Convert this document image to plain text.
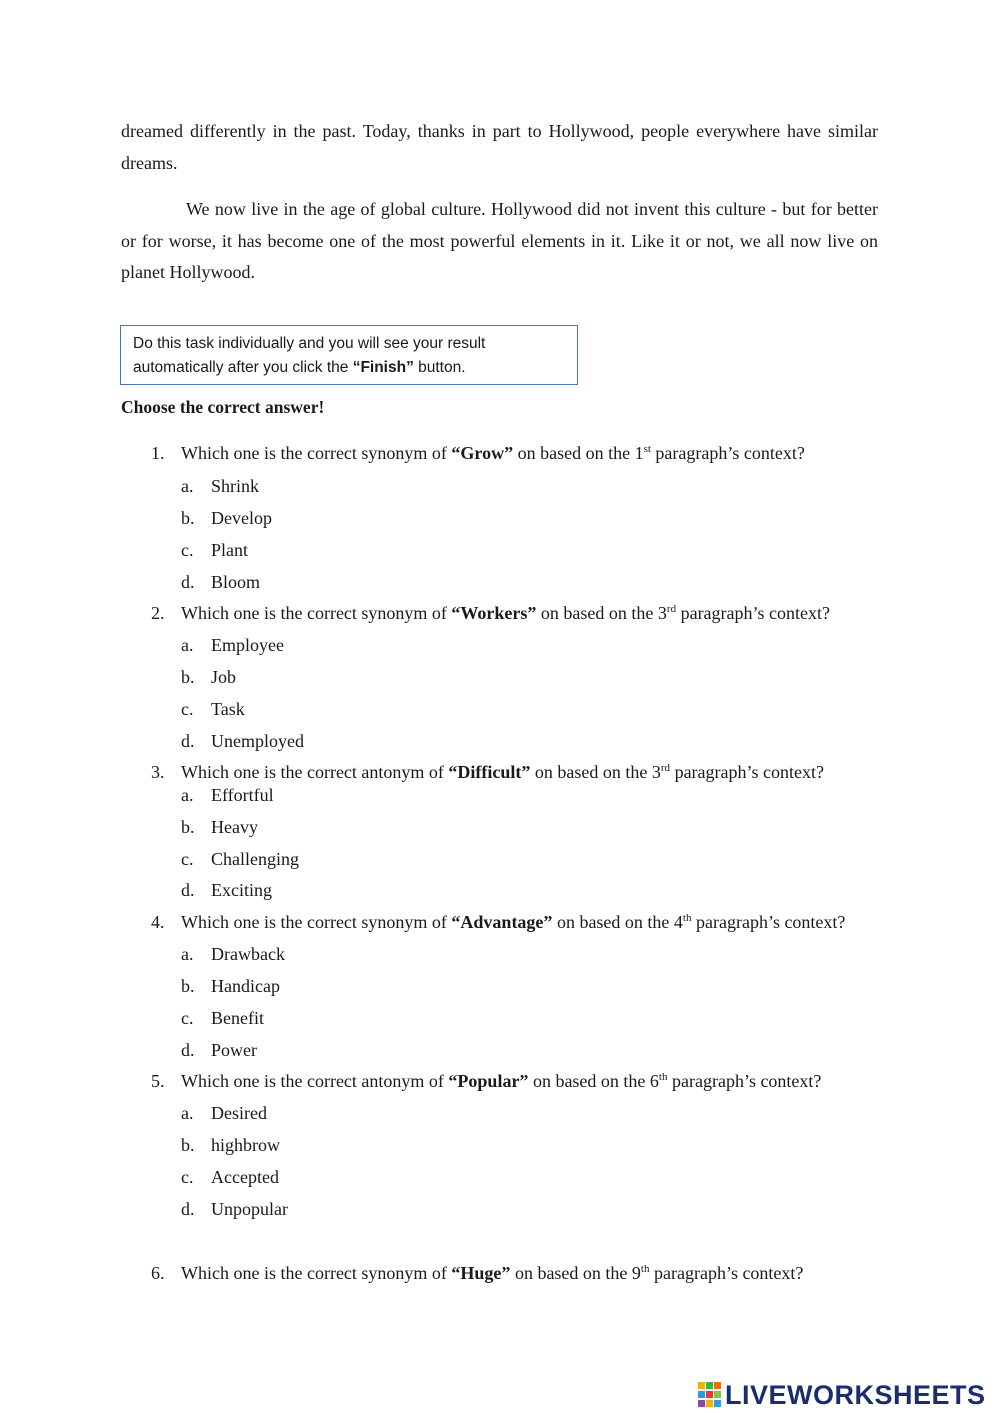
dreamed differently in the past. Today, thanks in part to Hollywood, people everywhere have similar dreams.

We now live in the age of global culture. Hollywood did not invent this culture - but for better or for worse, it has become one of the most powerful elements in it. Like it or not, we all now live on planet Hollywood.

Do this task individually and you will see your result
automatically after you click the “Finish” button.

Choose the correct answer!

1. Which one is the correct synonym of “Grow” on based on the 1st paragraph’s context?
a. Shrink
b. Develop
c. Plant
d. Bloom
2. Which one is the correct synonym of “Workers” on based on the 3rd paragraph’s context?
a. Employee
b. Job
c. Task
d. Unemployed
3. Which one is the correct antonym of “Difficult” on based on the 3rd paragraph’s context?
a. Effortful
b. Heavy
c. Challenging
d. Exciting
4. Which one is the correct synonym of “Advantage” on based on the 4th paragraph’s context?
a. Drawback
b. Handicap
c. Benefit
d. Power
5. Which one is the correct antonym of “Popular” on based on the 6th paragraph’s context?
a. Desired
b. highbrow
c. Accepted
d. Unpopular
6. Which one is the correct synonym of “Huge” on based on the 9th paragraph’s context?
LIVEWORKSHEETS
